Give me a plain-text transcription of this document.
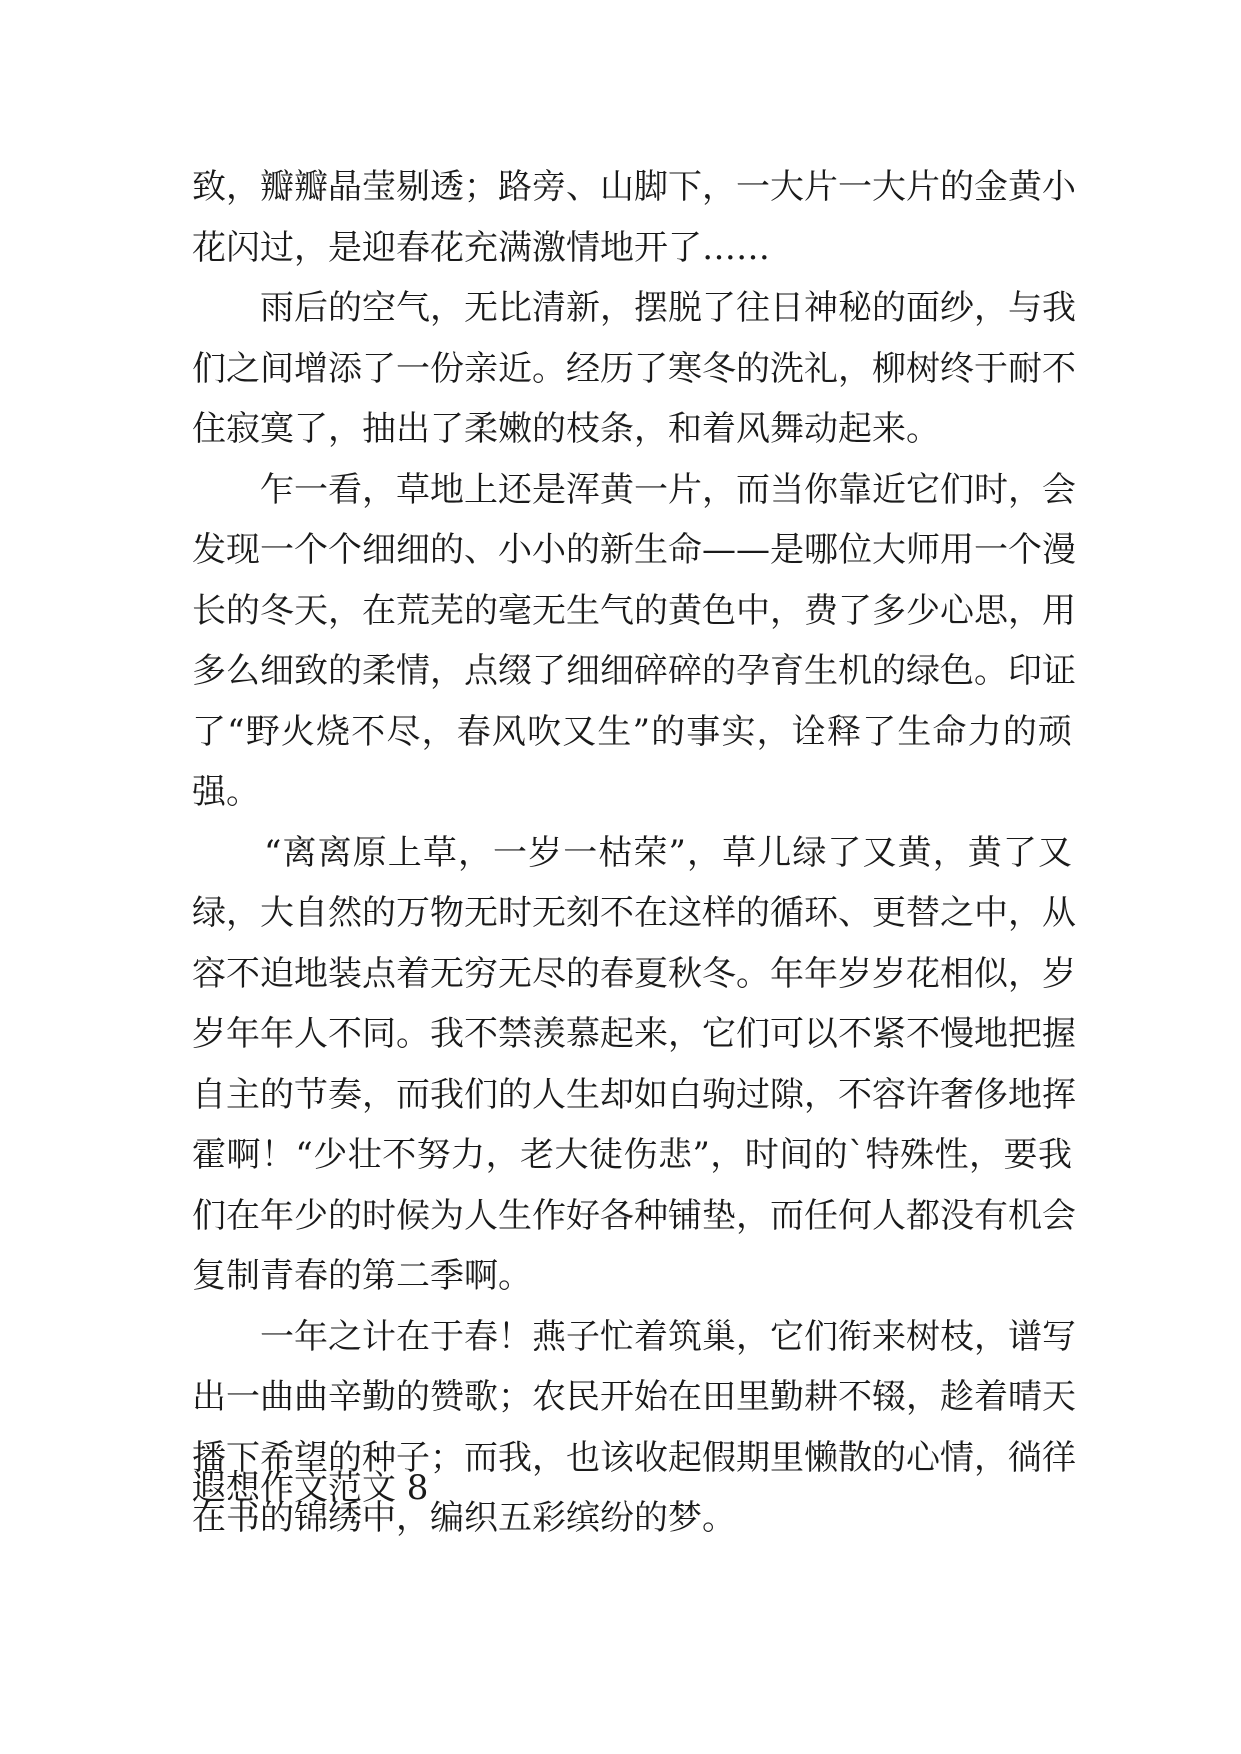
致，瓣瓣晶莹剔透；路旁、山脚下，一大片一大片的金黄小
花闪过，是迎春花充满激情地开了……
雨后的空气，无比清新，摆脱了往日神秘的面纱，与我
们之间增添了一份亲近。经历了寒冬的洗礼，柳树终于耐不
住寂寞了，抽出了柔嫩的枝条，和着风舞动起来。
乍一看，草地上还是浑黄一片，而当你靠近它们时，会
发现一个个细细的、小小的新生命——是哪位大师用一个漫
长的冬天，在荒芜的毫无生气的黄色中，费了多少心思，用
多么细致的柔情，点缀了细细碎碎的孕育生机的绿色。印证
了“野火烧不尽，春风吹又生”的事实，诠释了生命力的顽
强。
“离离原上草，一岁一枯荣”，草儿绿了又黄，黄了又
绿，大自然的万物无时无刻不在这样的循环、更替之中，从
容不迫地装点着无穷无尽的春夏秋冬。年年岁岁花相似，岁
岁年年人不同。我不禁羡慕起来，它们可以不紧不慢地把握
自主的节奏，而我们的人生却如白驹过隙，不容许奢侈地挥
霍啊！“少壮不努力，老大徒伤悲”，时间的`特殊性，要我
们在年少的时候为人生作好各种铺垫，而任何人都没有机会
复制青春的第二季啊。
一年之计在于春！燕子忙着筑巢，它们衔来树枝，谱写
出一曲曲辛勤的赞歌；农民开始在田里勤耕不辍，趁着晴天
播下希望的种子；而我，也该收起假期里懒散的心情，徜徉
在书的锦绣中，编织五彩缤纷的梦。
遐想作文范文 8
